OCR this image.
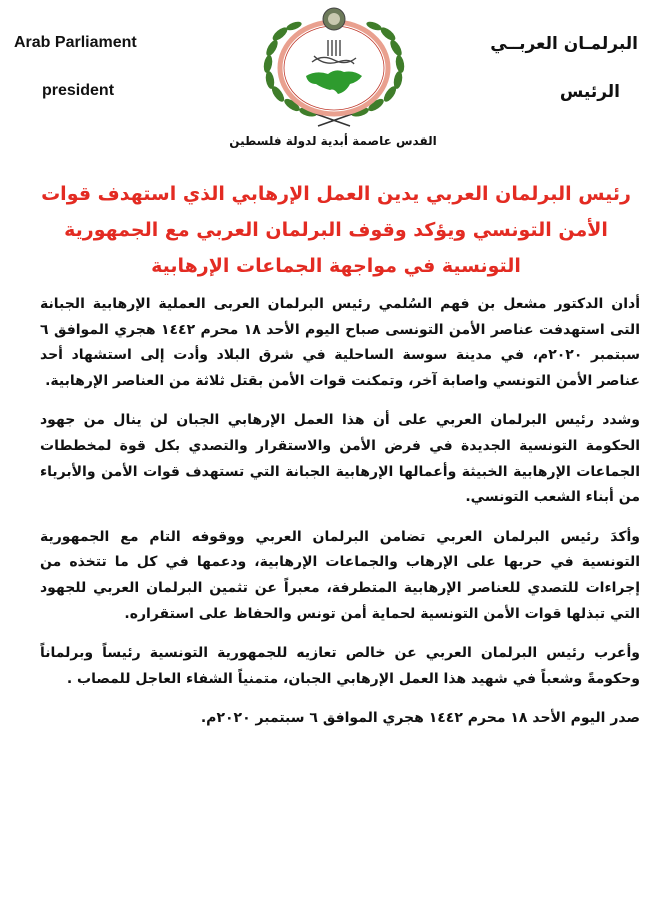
Arab Parliament
president
البرلمـان العربــي
الرئيس
القدس عاصمة أبدية لدولة فلسطين
رئيس البرلمان العربي يدين العمل الإرهابي الذي استهدف قوات الأمن التونسي ويؤكد وقوف البرلمان العربي مع الجمهورية التونسية في مواجهة الجماعات الإرهابية

أدان الدكتور مشعل بن فهم السُلمي رئيس البرلمان العربى العملية الإرهابية الجبانة التى استهدفت عناصر الأمن التونسى صباح اليوم الأحد ١٨ محرم ١٤٤٢ هجري الموافق ٦ سبتمبر ٢٠٢٠م، في مدينة سوسة الساحلية في شرق البلاد وأدت إلى استشهاد أحد عناصر الأمن التونسي واصابة آخر، وتمكنت قوات الأمن بقتل ثلاثة من العناصر الإرهابية.

وشدد رئيس البرلمان العربي على أن هذا العمل الإرهابي الجبان لن ينال من جهود الحكومة التونسية الجديدة في فرض الأمن والاستقرار والتصدي بكل قوة لمخططات الجماعات الإرهابية الخبيثة وأعمالها الإرهابية الجبانة التي تستهدف قوات الأمن والأبرياء من أبناء الشعب التونسي.

وأكدَ رئيس البرلمان العربي تضامن البرلمان العربي ووقوفه التام مع الجمهورية التونسية في حربها على الإرهاب والجماعات الإرهابية، ودعمها في كل ما تتخذه من إجراءات للتصدي للعناصر الإرهابية المتطرفة، معبراً عن تثمين البرلمان العربي للجهود التي تبذلها قوات الأمن التونسية لحماية أمن تونس والحفاظ على استقراره.

وأعرب رئيس البرلمان العربي عن خالص تعازيه للجمهورية التونسية رئيساً وبرلماناً وحكومةً وشعباً في شهيد هذا العمل الإرهابي الجبان، متمنياً الشفاء العاجل للمصاب .

صدر اليوم الأحد ١٨ محرم ١٤٤٢ هجري الموافق ٦ سبتمبر ٢٠٢٠م.
